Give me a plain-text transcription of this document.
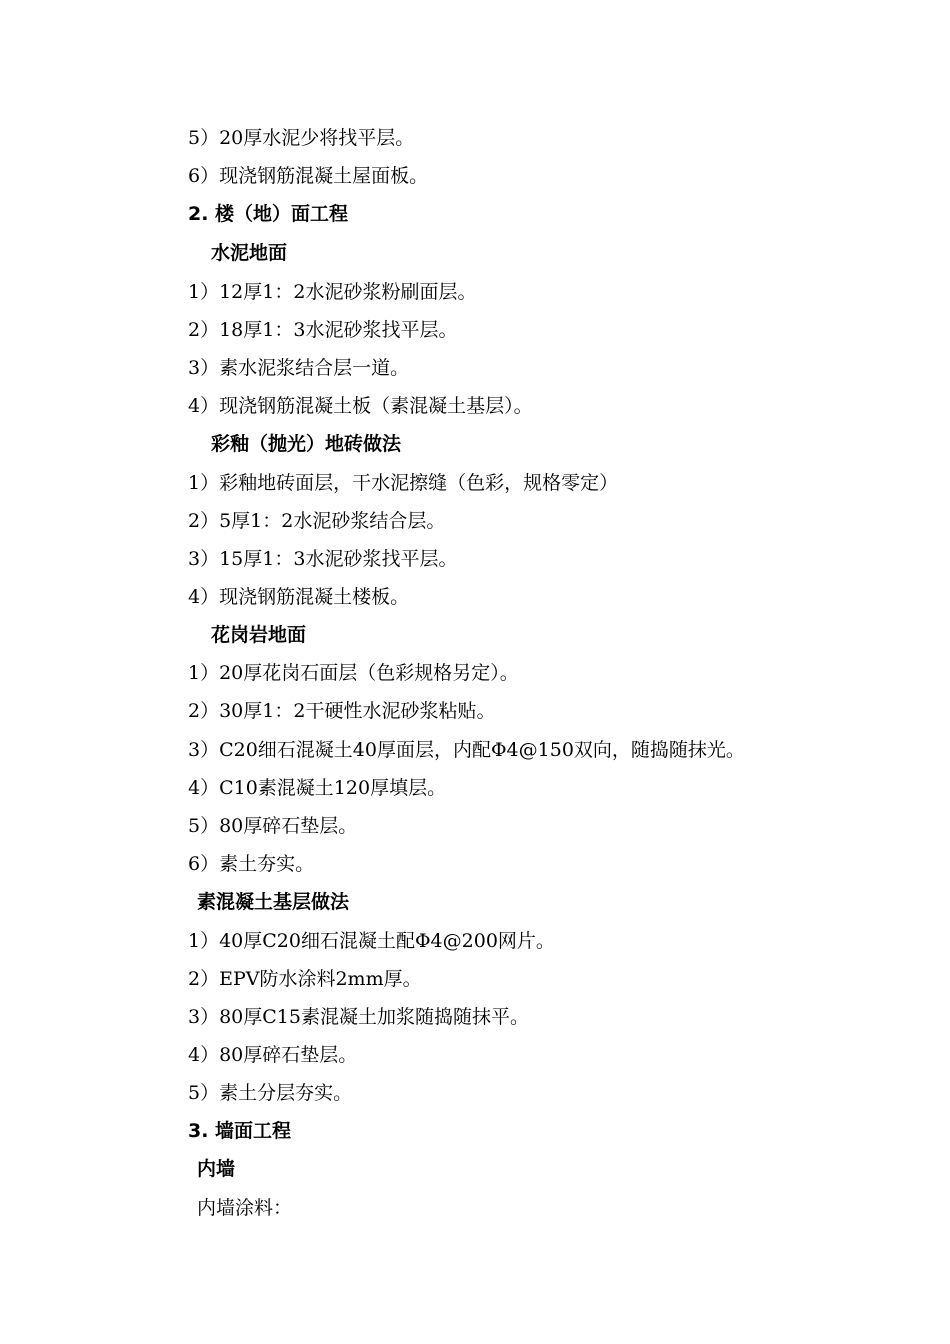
5）20厚水泥少将找平层。
6）现浇钢筋混凝土屋面板。
2. 楼（地）面工程
水泥地面
1）12厚1：2水泥砂浆粉刷面层。
2）18厚1：3水泥砂浆找平层。
3）素水泥浆结合层一道。
4）现浇钢筋混凝土板（素混凝土基层）。
彩釉（抛光）地砖做法
1）彩釉地砖面层，干水泥擦缝（色彩，规格零定）
2）5厚1：2水泥砂浆结合层。
3）15厚1：3水泥砂浆找平层。
4）现浇钢筋混凝土楼板。
花岗岩地面
1）20厚花岗石面层（色彩规格另定）。
2）30厚1：2干硬性水泥砂浆粘贴。
3）C20细石混凝土40厚面层，内配Φ4@150双向，随捣随抹光。
4）C10素混凝土120厚填层。
5）80厚碎石垫层。
6）素土夯实。
素混凝土基层做法
1）40厚C20细石混凝土配Φ4@200网片。
2）EPV防水涂料2mm厚。
3）80厚C15素混凝土加浆随捣随抹平。
4）80厚碎石垫层。
5）素土分层夯实。
3. 墙面工程
内墙
内墙涂料：
